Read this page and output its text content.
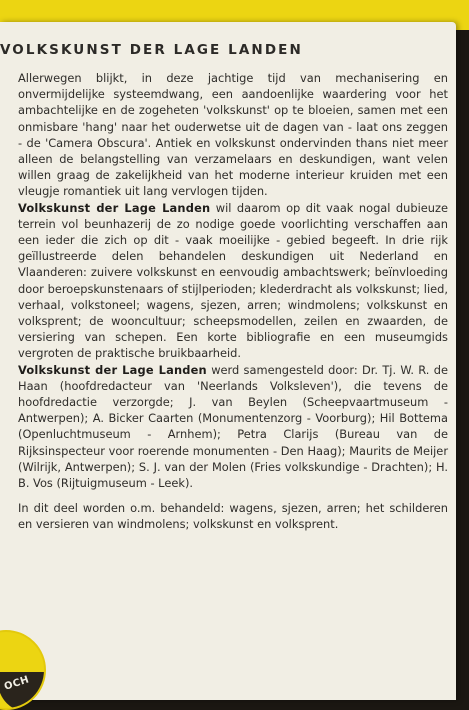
VOLKSKUNST DER LAGE LANDEN

Allerwegen blijkt, in deze jachtige tijd van mechanisering en onvermijdelijke systeemdwang, een aandoenlijke waardering voor het ambachtelijke en de zogeheten 'volkskunst' op te bloeien, samen met een onmisbare 'hang' naar het ouderwetse uit de dagen van - laat ons zeggen - de 'Camera Obscura'. Antiek en volkskunst ondervinden thans niet meer alleen de belangstelling van verzamelaars en deskundigen, want velen willen graag de zakelijkheid van het moderne interieur kruiden met een vleugje romantiek uit lang vervlogen tijden.

Volkskunst der Lage Landen wil daarom op dit vaak nogal dubieuze terrein vol beunhazerij de zo nodige goede voorlichting verschaffen aan een ieder die zich op dit - vaak moeilijke - gebied begeeft. In drie rijk geïllustreerde delen behandelen deskundigen uit Nederland en Vlaanderen: zuivere volkskunst en eenvoudig ambachtswerk; beïnvloeding door beroepskunstenaars of stijlperioden; klederdracht als volkskunst; lied, verhaal, volkstoneel; wagens, sjezen, arren; windmolens; volkskunst en volksprent; de wooncultuur; scheepsmodellen, zeilen en zwaarden, de versiering van schepen. Een korte bibliografie en een museumgids vergroten de praktische bruikbaarheid.

Volkskunst der Lage Landen werd samengesteld door: Dr. Tj. W. R. de Haan (hoofdredacteur van 'Neerlands Volksleven'), die tevens de hoofdredactie verzorgde; J. van Beylen (Scheepvaartmuseum - Antwerpen); A. Bicker Caarten (Monumentenzorg - Voorburg); Hil Bottema (Openluchtmuseum - Arnhem); Petra Clarijs (Bureau van de Rijksinspecteur voor roerende monumenten - Den Haag); Maurits de Meijer (Wilrijk, Antwerpen); S. J. van der Molen (Fries volkskundige - Drachten); H. B. Vos (Rijtuigmuseum - Leek).

In dit deel worden o.m. behandeld: wagens, sjezen, arren; het schilderen en versieren van windmolens; volkskunst en volksprent.

OCH
